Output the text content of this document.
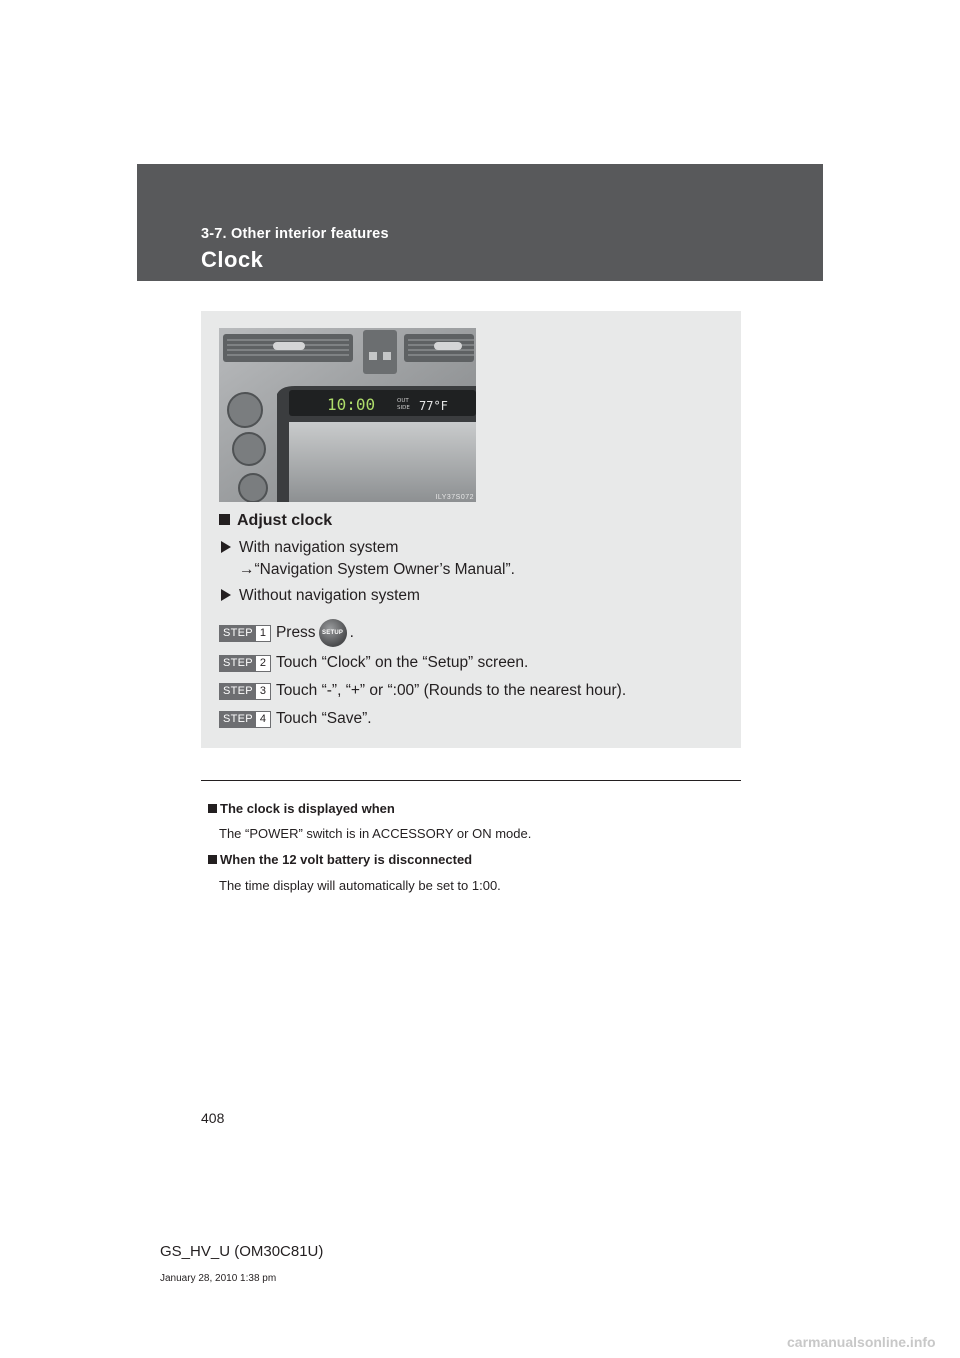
3-7. Other interior features
Clock
10:00	OUT
SIDE 77°F
ILY37S072
Adjust clock
With navigation system
→“Navigation System Owner’s Manual”.
Without navigation system
STEP 1 Press	SETUP .
STEP 2 Touch “Clock” on the “Setup” screen.
STEP 3 Touch “-”, “+” or “:00” (Rounds to the nearest hour).
STEP 4 Touch “Save”.
The clock is displayed when
The “POWER” switch is in ACCESSORY or ON mode.
When the 12 volt battery is disconnected
The time display will automatically be set to 1:00.
408
GS_HV_U (OM30C81U)
January 28, 2010 1:38 pm
carmanualsonline.info
